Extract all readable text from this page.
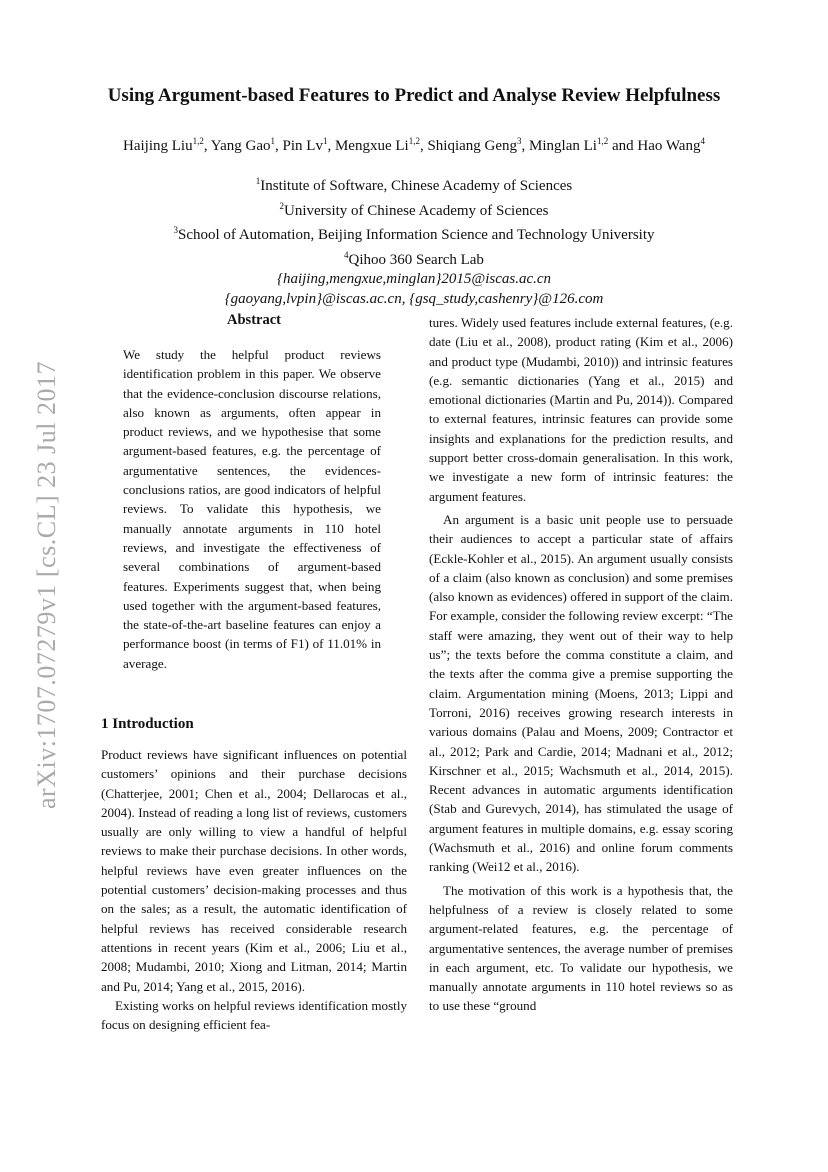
arXiv:1707.07279v1 [cs.CL] 23 Jul 2017
Using Argument-based Features to Predict and Analyse Review Helpfulness
Haijing Liu$^{1,2}$, Yang Gao$^1$, Pin Lv$^1$, Mengxue Li$^{1,2}$, Shiqiang Geng$^3$, Minglan Li$^{1,2}$ and Hao Wang$^4$
$^1$Institute of Software, Chinese Academy of Sciences
$^2$University of Chinese Academy of Sciences
$^3$School of Automation, Beijing Information Science and Technology University
$^4$Qihoo 360 Search Lab
{haijing,mengxue,minglan}2015@iscas.ac.cn
{gaoyang,lvpin}@iscas.ac.cn, {gsq_study,cashenry}@126.com
Abstract

We study the helpful product reviews identification problem in this paper. We observe that the evidence-conclusion discourse relations, also known as arguments, often appear in product reviews, and we hypothesise that some argument-based features, e.g. the percentage of argumentative sentences, the evidences-conclusions ratios, are good indicators of helpful reviews. To validate this hypothesis, we manually annotate arguments in 110 hotel reviews, and investigate the effectiveness of several combinations of argument-based features. Experiments suggest that, when being used together with the argument-based features, the state-of-the-art baseline features can enjoy a performance boost (in terms of F1) of 11.01% in average.

1 Introduction

Product reviews have significant influences on potential customers’ opinions and their purchase decisions (Chatterjee, 2001; Chen et al., 2004; Dellarocas et al., 2004). Instead of reading a long list of reviews, customers usually are only willing to view a handful of helpful reviews to make their purchase decisions. In other words, helpful reviews have even greater influences on the potential customers’ decision-making processes and thus on the sales; as a result, the automatic identification of helpful reviews has received considerable research attentions in recent years (Kim et al., 2006; Liu et al., 2008; Mudambi, 2010; Xiong and Litman, 2014; Martin and Pu, 2014; Yang et al., 2015, 2016).

Existing works on helpful reviews identification mostly focus on designing efficient fea-

tures. Widely used features include external features, (e.g. date (Liu et al., 2008), product rating (Kim et al., 2006) and product type (Mudambi, 2010)) and intrinsic features (e.g. semantic dictionaries (Yang et al., 2015) and emotional dictionaries (Martin and Pu, 2014)). Compared to external features, intrinsic features can provide some insights and explanations for the prediction results, and support better cross-domain generalisation. In this work, we investigate a new form of intrinsic features: the argument features.

An argument is a basic unit people use to persuade their audiences to accept a particular state of affairs (Eckle-Kohler et al., 2015). An argument usually consists of a claim (also known as conclusion) and some premises (also known as evidences) offered in support of the claim. For example, consider the following review excerpt: “The staff were amazing, they went out of their way to help us”; the texts before the comma constitute a claim, and the texts after the comma give a premise supporting the claim. Argumentation mining (Moens, 2013; Lippi and Torroni, 2016) receives growing research interests in various domains (Palau and Moens, 2009; Contractor et al., 2012; Park and Cardie, 2014; Madnani et al., 2012; Kirschner et al., 2015; Wachsmuth et al., 2014, 2015). Recent advances in automatic arguments identification (Stab and Gurevych, 2014), has stimulated the usage of argument features in multiple domains, e.g. essay scoring (Wachsmuth et al., 2016) and online forum comments ranking (Wei12 et al., 2016).

The motivation of this work is a hypothesis that, the helpfulness of a review is closely related to some argument-related features, e.g. the percentage of argumentative sentences, the average number of premises in each argument, etc. To validate our hypothesis, we manually annotate arguments in 110 hotel reviews so as to use these “ground
